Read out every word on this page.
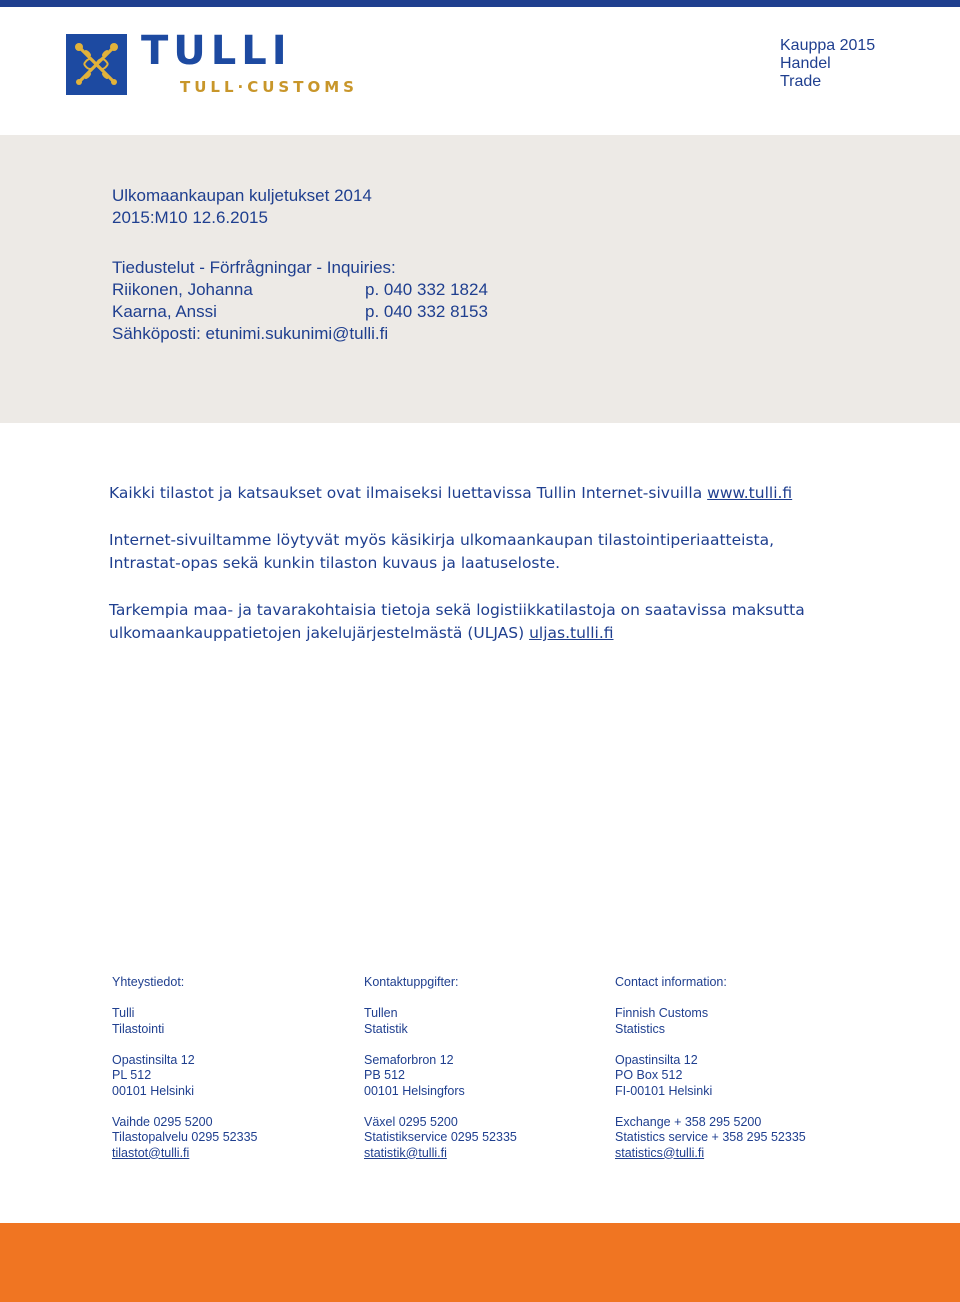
TULLI
TULL·CUSTOMS
Kauppa 2015
Handel
Trade
Ulkomaankaupan kuljetukset 2014
2015:M10 12.6.2015
Tiedustelut - Förfrågningar - Inquiries:
Riikonen, Johanna	p. 040 332 1824
Kaarna, Anssi	p. 040 332 8153
Sähköposti: etunimi.sukunimi@tulli.fi
Kaikki tilastot ja katsaukset ovat ilmaiseksi luettavissa Tullin Internet-sivuilla www.tulli.fi
Internet-sivuiltamme löytyvät myös käsikirja ulkomaankaupan tilastointiperiaatteista,
Intrastat-opas sekä kunkin tilaston kuvaus ja laatuseloste.
Tarkempia maa- ja tavarakohtaisia tietoja sekä logistiikkatilastoja on saatavissa maksutta
ulkomaankauppatietojen jakelujärjestelmästä (ULJAS) uljas.tulli.fi
Yhteystiedot:
Tulli
Tilastointi
Opastinsilta 12
PL 512
00101 Helsinki
Vaihde 0295 5200
Tilastopalvelu 0295 52335
tilastot@tulli.fi
Kontaktuppgifter:
Tullen
Statistik
Semaforbron 12
PB 512
00101 Helsingfors
Växel 0295 5200
Statistikservice 0295 52335
statistik@tulli.fi
Contact information:
Finnish Customs
Statistics
Opastinsilta 12
PO Box 512
FI-00101 Helsinki
Exchange + 358 295 5200
Statistics service + 358 295 52335
statistics@tulli.fi
